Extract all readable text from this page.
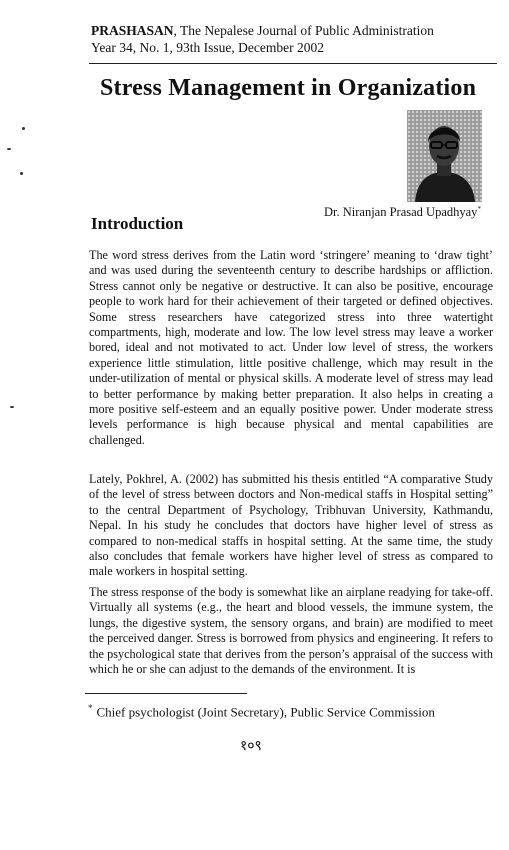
PRASHASAN, The Nepalese Journal of Public Administration
Year 34, No. 1, 93th Issue, December 2002
Stress Management in Organization
Dr. Niranjan Prasad Upadhyay*
Introduction

The word stress derives from the Latin word ‘stringere’ meaning to ‘draw tight’ and was used during the seventeenth century to describe hardships or affliction. Stress cannot only be negative or destructive. It can also be positive, encourage people to work hard for their achievement of their targeted or defined objectives. Some stress researchers have categorized stress into three watertight compartments, high, moderate and low. The low level stress may leave a worker bored, ideal and not motivated to act. Under low level of stress, the workers experience little stimulation, little positive challenge, which may result in the under-utilization of mental or physical skills. A moderate level of stress may lead to better performance by making better preparation. It also helps in creating a more positive self-esteem and an equally positive power. Under moderate stress levels performance is high because physical and mental capabilities are challenged.

Lately, Pokhrel, A. (2002) has submitted his thesis entitled “A comparative Study of the level of stress between doctors and Non-medical staffs in Hospital setting” to the central Department of Psychology, Tribhuvan University, Kathmandu, Nepal. In his study he concludes that doctors have higher level of stress as compared to non-medical staffs in hospital setting. At the same time, the study also concludes that female workers have higher level of stress as compared to male workers in hospital setting.

The stress response of the body is somewhat like an airplane readying for take-off. Virtually all systems (e.g., the heart and blood vessels, the immune system, the lungs, the digestive system, the sensory organs, and brain) are modified to meet the perceived danger. Stress is borrowed from physics and engineering. It refers to the psychological state that derives from the person’s appraisal of the success with which he or she can adjust to the demands of the environment. It is

* Chief psychologist (Joint Secretary), Public Service Commission
१०९
